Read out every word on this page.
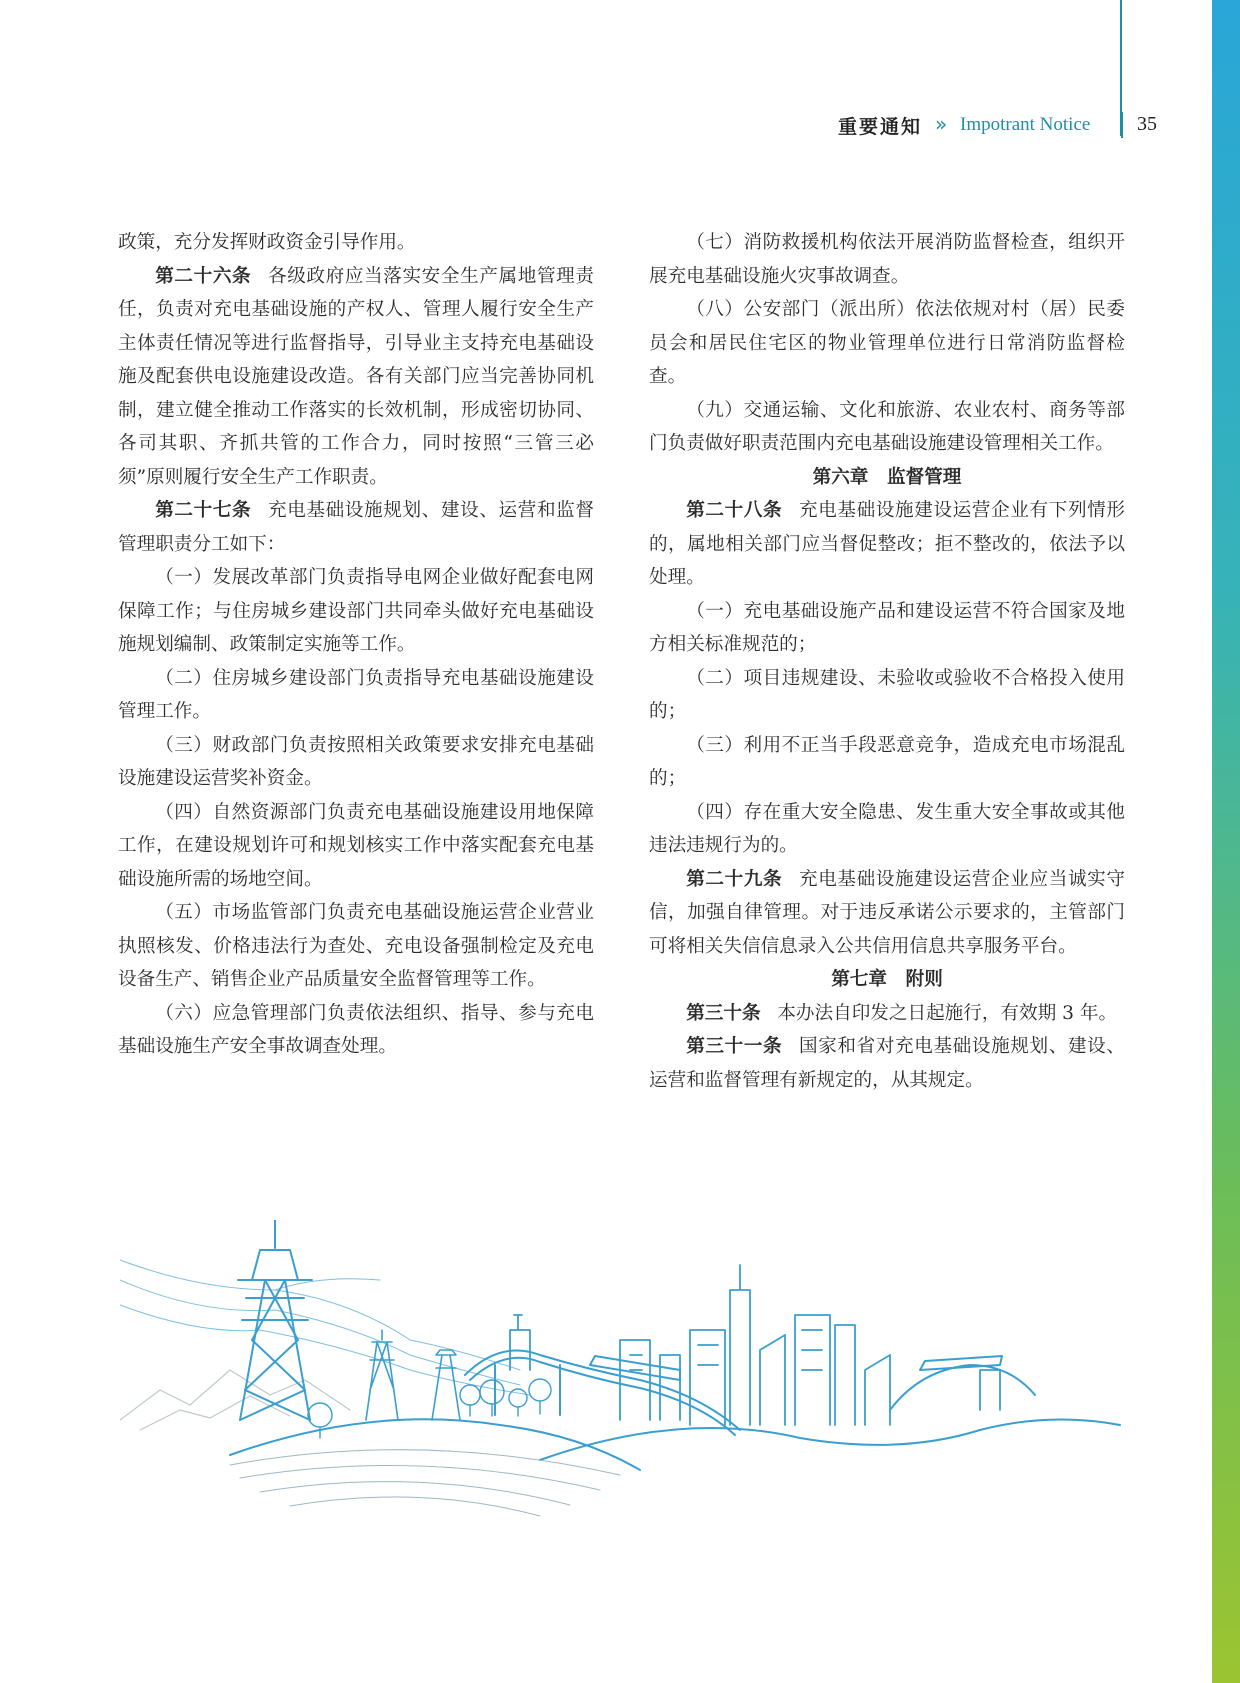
重要通知 » Impotrant Notice 35

政策，充分发挥财政资金引导作用。

第二十六条 各级政府应当落实安全生产属地管理责任，负责对充电基础设施的产权人、管理人履行安全生产主体责任情况等进行监督指导，引导业主支持充电基础设施及配套供电设施建设改造。各有关部门应当完善协同机制，建立健全推动工作落实的长效机制，形成密切协同、各司其职、齐抓共管的工作合力，同时按照“三管三必须”原则履行安全生产工作职责。

第二十七条 充电基础设施规划、建设、运营和监督管理职责分工如下：

（一）发展改革部门负责指导电网企业做好配套电网保障工作；与住房城乡建设部门共同牵头做好充电基础设施规划编制、政策制定实施等工作。

（二）住房城乡建设部门负责指导充电基础设施建设管理工作。

（三）财政部门负责按照相关政策要求安排充电基础设施建设运营奖补资金。

（四）自然资源部门负责充电基础设施建设用地保障工作，在建设规划许可和规划核实工作中落实配套充电基础设施所需的场地空间。

（五）市场监管部门负责充电基础设施运营企业营业执照核发、价格违法行为查处、充电设备强制检定及充电设备生产、销售企业产品质量安全监督管理等工作。

（六）应急管理部门负责依法组织、指导、参与充电基础设施生产安全事故调查处理。

（七）消防救援机构依法开展消防监督检查，组织开展充电基础设施火灾事故调查。

（八）公安部门（派出所）依法依规对村（居）民委员会和居民住宅区的物业管理单位进行日常消防监督检查。

（九）交通运输、文化和旅游、农业农村、商务等部门负责做好职责范围内充电基础设施建设管理相关工作。

第六章 监督管理

第二十八条 充电基础设施建设运营企业有下列情形的，属地相关部门应当督促整改；拒不整改的，依法予以处理。

（一）充电基础设施产品和建设运营不符合国家及地方相关标准规范的；

（二）项目违规建设、未验收或验收不合格投入使用的；

（三）利用不正当手段恶意竞争，造成充电市场混乱的；

（四）存在重大安全隐患、发生重大安全事故或其他违法违规行为的。

第二十九条 充电基础设施建设运营企业应当诚实守信，加强自律管理。对于违反承诺公示要求的，主管部门可将相关失信信息录入公共信用信息共享服务平台。

第七章 附则

第三十条 本办法自印发之日起施行，有效期 3 年。

第三十一条 国家和省对充电基础设施规划、建设、运营和监督管理有新规定的，从其规定。
